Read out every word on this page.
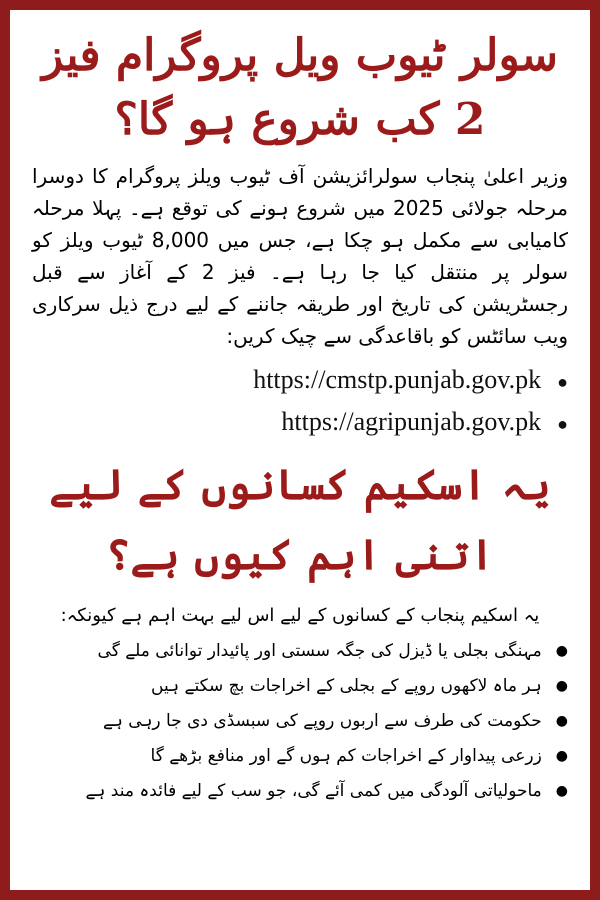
سولر ٹیوب ویل پروگرام فیز 2 کب شروع ہو گا؟

وزیر اعلیٰ پنجاب سولرائزیشن آف ٹیوب ویلز پروگرام کا دوسرا مرحلہ جولائی 2025 میں شروع ہونے کی توقع ہے۔ پہلا مرحلہ کامیابی سے مکمل ہو چکا ہے، جس میں 8,000 ٹیوب ویلز کو سولر پر منتقل کیا جا رہا ہے۔ فیز 2 کے آغاز سے قبل رجسٹریشن کی تاریخ اور طریقہ جاننے کے لیے درج ذیل سرکاری ویب سائٹس کو باقاعدگی سے چیک کریں:

https://cmstp.punjab.gov.pk ●
https://agripunjab.gov.pk ●
یہ اسکیم کسانوں کے لیے اتنی اہم کیوں ہے؟

یہ اسکیم پنجاب کے کسانوں کے لیے اس لیے بہت اہم ہے کیونکہ:

●
مہنگی بجلی یا ڈیزل کی جگہ سستی اور پائیدار توانائی ملے گی
●
ہر ماہ لاکھوں روپے کے بجلی کے اخراجات بچ سکتے ہیں
●
حکومت کی طرف سے اربوں روپے کی سبسڈی دی جا رہی ہے
●
زرعی پیداوار کے اخراجات کم ہوں گے اور منافع بڑھے گا
●
ماحولیاتی آلودگی میں کمی آئے گی، جو سب کے لیے فائدہ مند ہے
